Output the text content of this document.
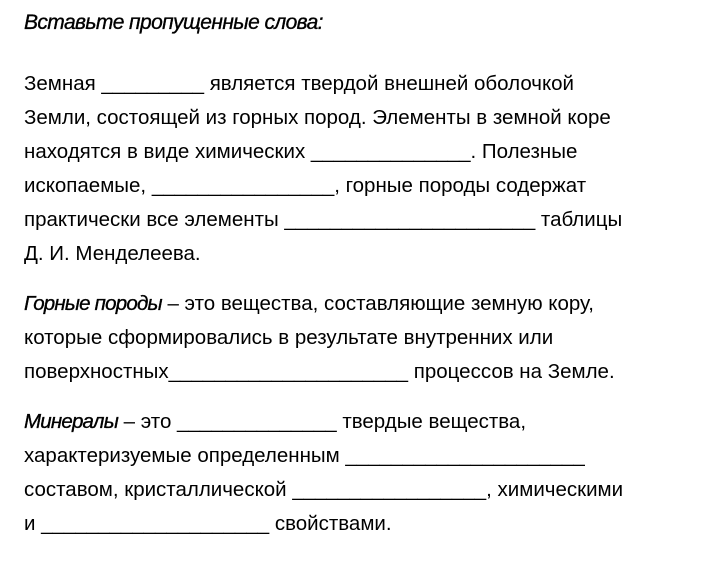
Вставьте пропущенные слова:

Земная _________ является твердой внешней оболочкой
Земли, состоящей из горных пород. Элементы в земной коре
находятся в виде химических ______________. Полезные
ископаемые, ________________, горные породы содержат
практически все элементы ______________________ таблицы
Д. И. Менделеева.

Горные породы – это вещества, составляющие земную кору,
которые сформировались в результате внутренних или
поверхностных_____________________ процессов на Земле.

Минералы – это ______________ твердые вещества,
характеризуемые определенным _____________________
составом, кристаллической _________________, химическими
и ____________________ свойствами.
